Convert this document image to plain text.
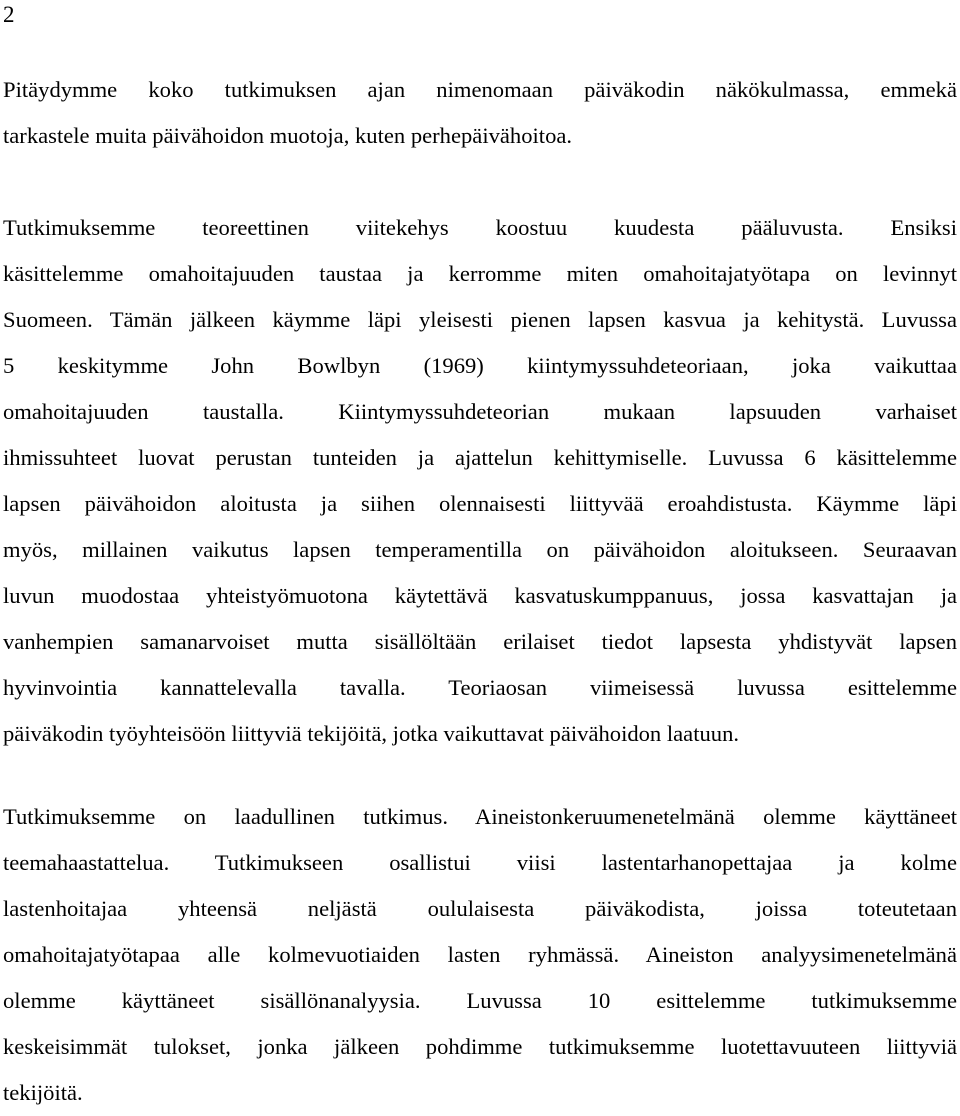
2
Pitäydymme koko tutkimuksen ajan nimenomaan päiväkodin näkökulmassa, emmekä
tarkastele muita päivähoidon muotoja, kuten perhepäivähoitoa.
Tutkimuksemme teoreettinen viitekehys koostuu kuudesta pääluvusta. Ensiksi
käsittelemme omahoitajuuden taustaa ja kerromme miten omahoitajatyötapa on levinnyt
Suomeen. Tämän jälkeen käymme läpi yleisesti pienen lapsen kasvua ja kehitystä. Luvussa
5 keskitymme John Bowlbyn (1969) kiintymyssuhdeteoriaan, joka vaikuttaa
omahoitajuuden taustalla. Kiintymyssuhdeteorian mukaan lapsuuden varhaiset
ihmissuhteet luovat perustan tunteiden ja ajattelun kehittymiselle. Luvussa 6 käsittelemme
lapsen päivähoidon aloitusta ja siihen olennaisesti liittyvää eroahdistusta. Käymme läpi
myös, millainen vaikutus lapsen temperamentilla on päivähoidon aloitukseen. Seuraavan
luvun muodostaa yhteistyömuotona käytettävä kasvatuskumppanuus, jossa kasvattajan ja
vanhempien samanarvoiset mutta sisällöltään erilaiset tiedot lapsesta yhdistyvät lapsen
hyvinvointia kannattelevalla tavalla. Teoriaosan viimeisessä luvussa esittelemme
päiväkodin työyhteisöön liittyviä tekijöitä, jotka vaikuttavat päivähoidon laatuun.
Tutkimuksemme on laadullinen tutkimus. Aineistonkeruumenetelmänä olemme käyttäneet
teemahaastattelua. Tutkimukseen osallistui viisi lastentarhanopettajaa ja kolme
lastenhoitajaa yhteensä neljästä oululaisesta päiväkodista, joissa toteutetaan
omahoitajatyötapaa alle kolmevuotiaiden lasten ryhmässä. Aineiston analyysimenetelmänä
olemme käyttäneet sisällönanalyysia. Luvussa 10 esittelemme tutkimuksemme
keskeisimmät tulokset, jonka jälkeen pohdimme tutkimuksemme luotettavuuteen liittyviä
tekijöitä.
